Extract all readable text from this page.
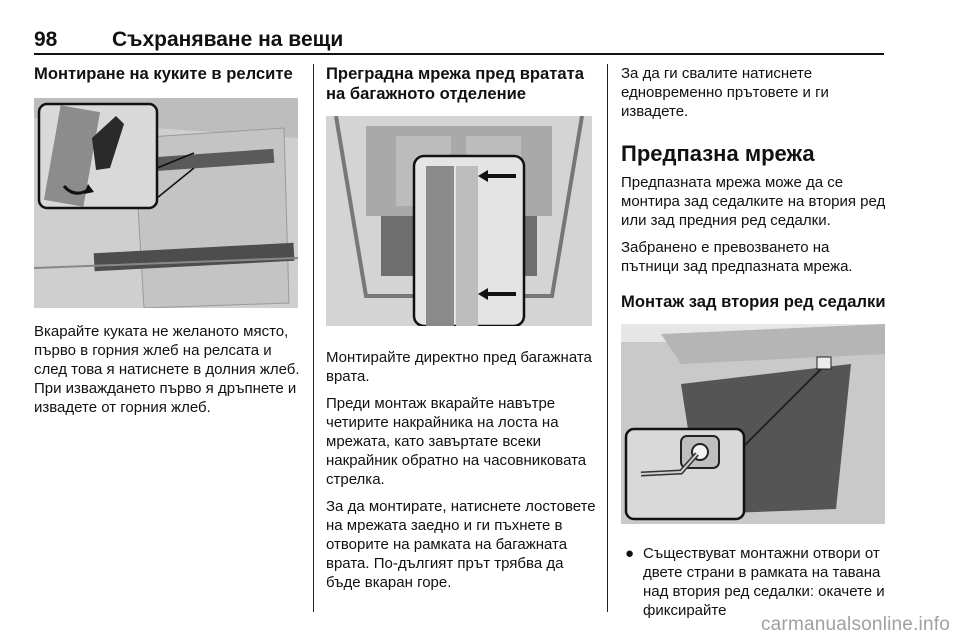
98	Съхраняване на вещи
Монтиране на куките в релсите

Вкарайте куката не желаното място, първо в горния жлеб на релсата и след това я натиснете в долния жлеб. При изваждането първо я дръпнете и извадете от горния жлеб.

Преградна мрежа пред вратата на багажното отделение

Монтирайте директно пред багажната врата.

Преди монтаж вкарайте навътре четирите накрайника на лоста на мрежата, като завъртате всеки накрайник обратно на часовниковата стрелка.

За да монтирате, натиснете лостовете на мрежата заедно и ги пъхнете в отворите на рамката на багажната врата. По-дългият прът трябва да бъде вкаран горе.

За да ги свалите натиснете едновременно прътовете и ги извадете.

Предпазна мрежа

Предпазната мрежа може да се монтира зад седалките на втория ред или зад предния ред седалки.

Забранено е превозването на пътници зад предпазната мрежа.

Монтаж зад втория ред седалки
● Съществуват монтажни отвори от двете страни в рамката на тавана над втория ред седалки: окачете и фиксирайте
carmanualsonline.info
